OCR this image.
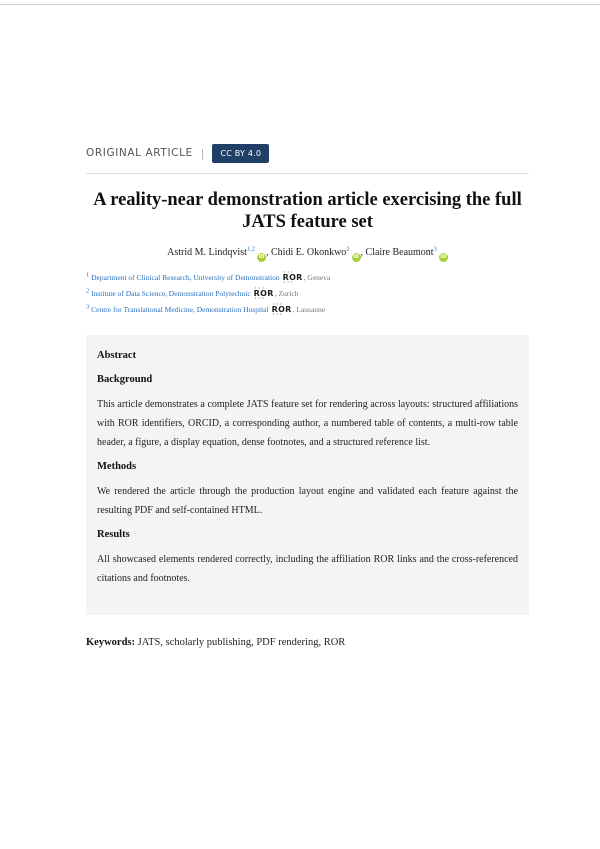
ORIGINAL ARTICLE |	CC BY 4.0
A reality-near demonstration article exercising the full JATS feature set
Astrid M. Lindqvist$^{1,2}$iD , Chidi E. Okonkwo$^2$iD , Claire Beaumont$^3$iD
$^1$ Department of Clinical Research, University of Demonstration · · · ROR · · ·, Geneva
$^2$ Institute of Data Science, Demonstration Polytechnic · · · ROR · · ·, Zurich
$^3$ Centre for Translational Medicine, Demonstration Hospital · · · ROR · · ·, Lausanne

Abstract

Background

This article demonstrates a complete JATS feature set for rendering across layouts: structured affiliations with ROR identifiers, ORCID, a corresponding author, a numbered table of contents, a multi-row table header, a figure, a display equation, dense footnotes, and a structured reference list.

Methods

We rendered the article through the production layout engine and validated each feature against the resulting PDF and self-contained HTML.

Results

All showcased elements rendered correctly, including the affiliation ROR links and the cross-referenced citations and footnotes.

Keywords: JATS, scholarly publishing, PDF rendering, ROR
